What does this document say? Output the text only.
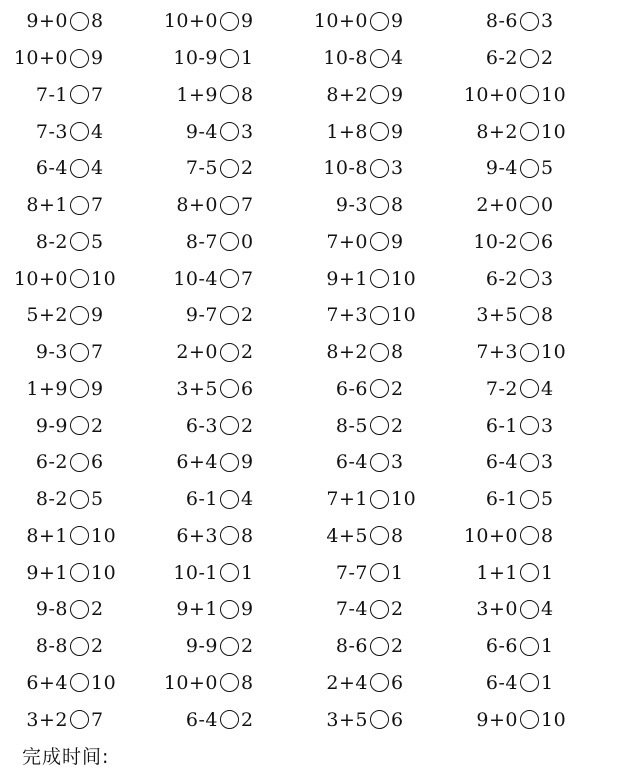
9+0 8	10+0 9	10+0 9	8-6 3
10+0 9	10-9 1	10-8 4	6-2 2
7-1 7	1+9 8	8+2 9	10+0 10
7-3 4	9-4 3	1+8 9	8+2 10
6-4 4	7-5 2	10-8 3	9-4 5
8+1 7	8+0 7	9-3 8	2+0 0
8-2 5	8-7 0	7+0 9	10-2 6
10+0 10	10-4 7	9+1 10	6-2 3
5+2 9	9-7 2	7+3 10	3+5 8
9-3 7	2+0 2	8+2 8	7+3 10
1+9 9	3+5 6	6-6 2	7-2 4
9-9 2	6-3 2	8-5 2	6-1 3
6-2 6	6+4 9	6-4 3	6-4 3
8-2 5	6-1 4	7+1 10	6-1 5
8+1 10	6+3 8	4+5 8	10+0 8
9+1 10	10-1 1	7-7 1	1+1 1
9-8 2	9+1 9	7-4 2	3+0 4
8-8 2	9-9 2	8-6 2	6-6 1
6+4 10	10+0 8	2+4 6	6-4 1
3+2 7	6-4 2	3+5 6	9+0 10
完成时间:
